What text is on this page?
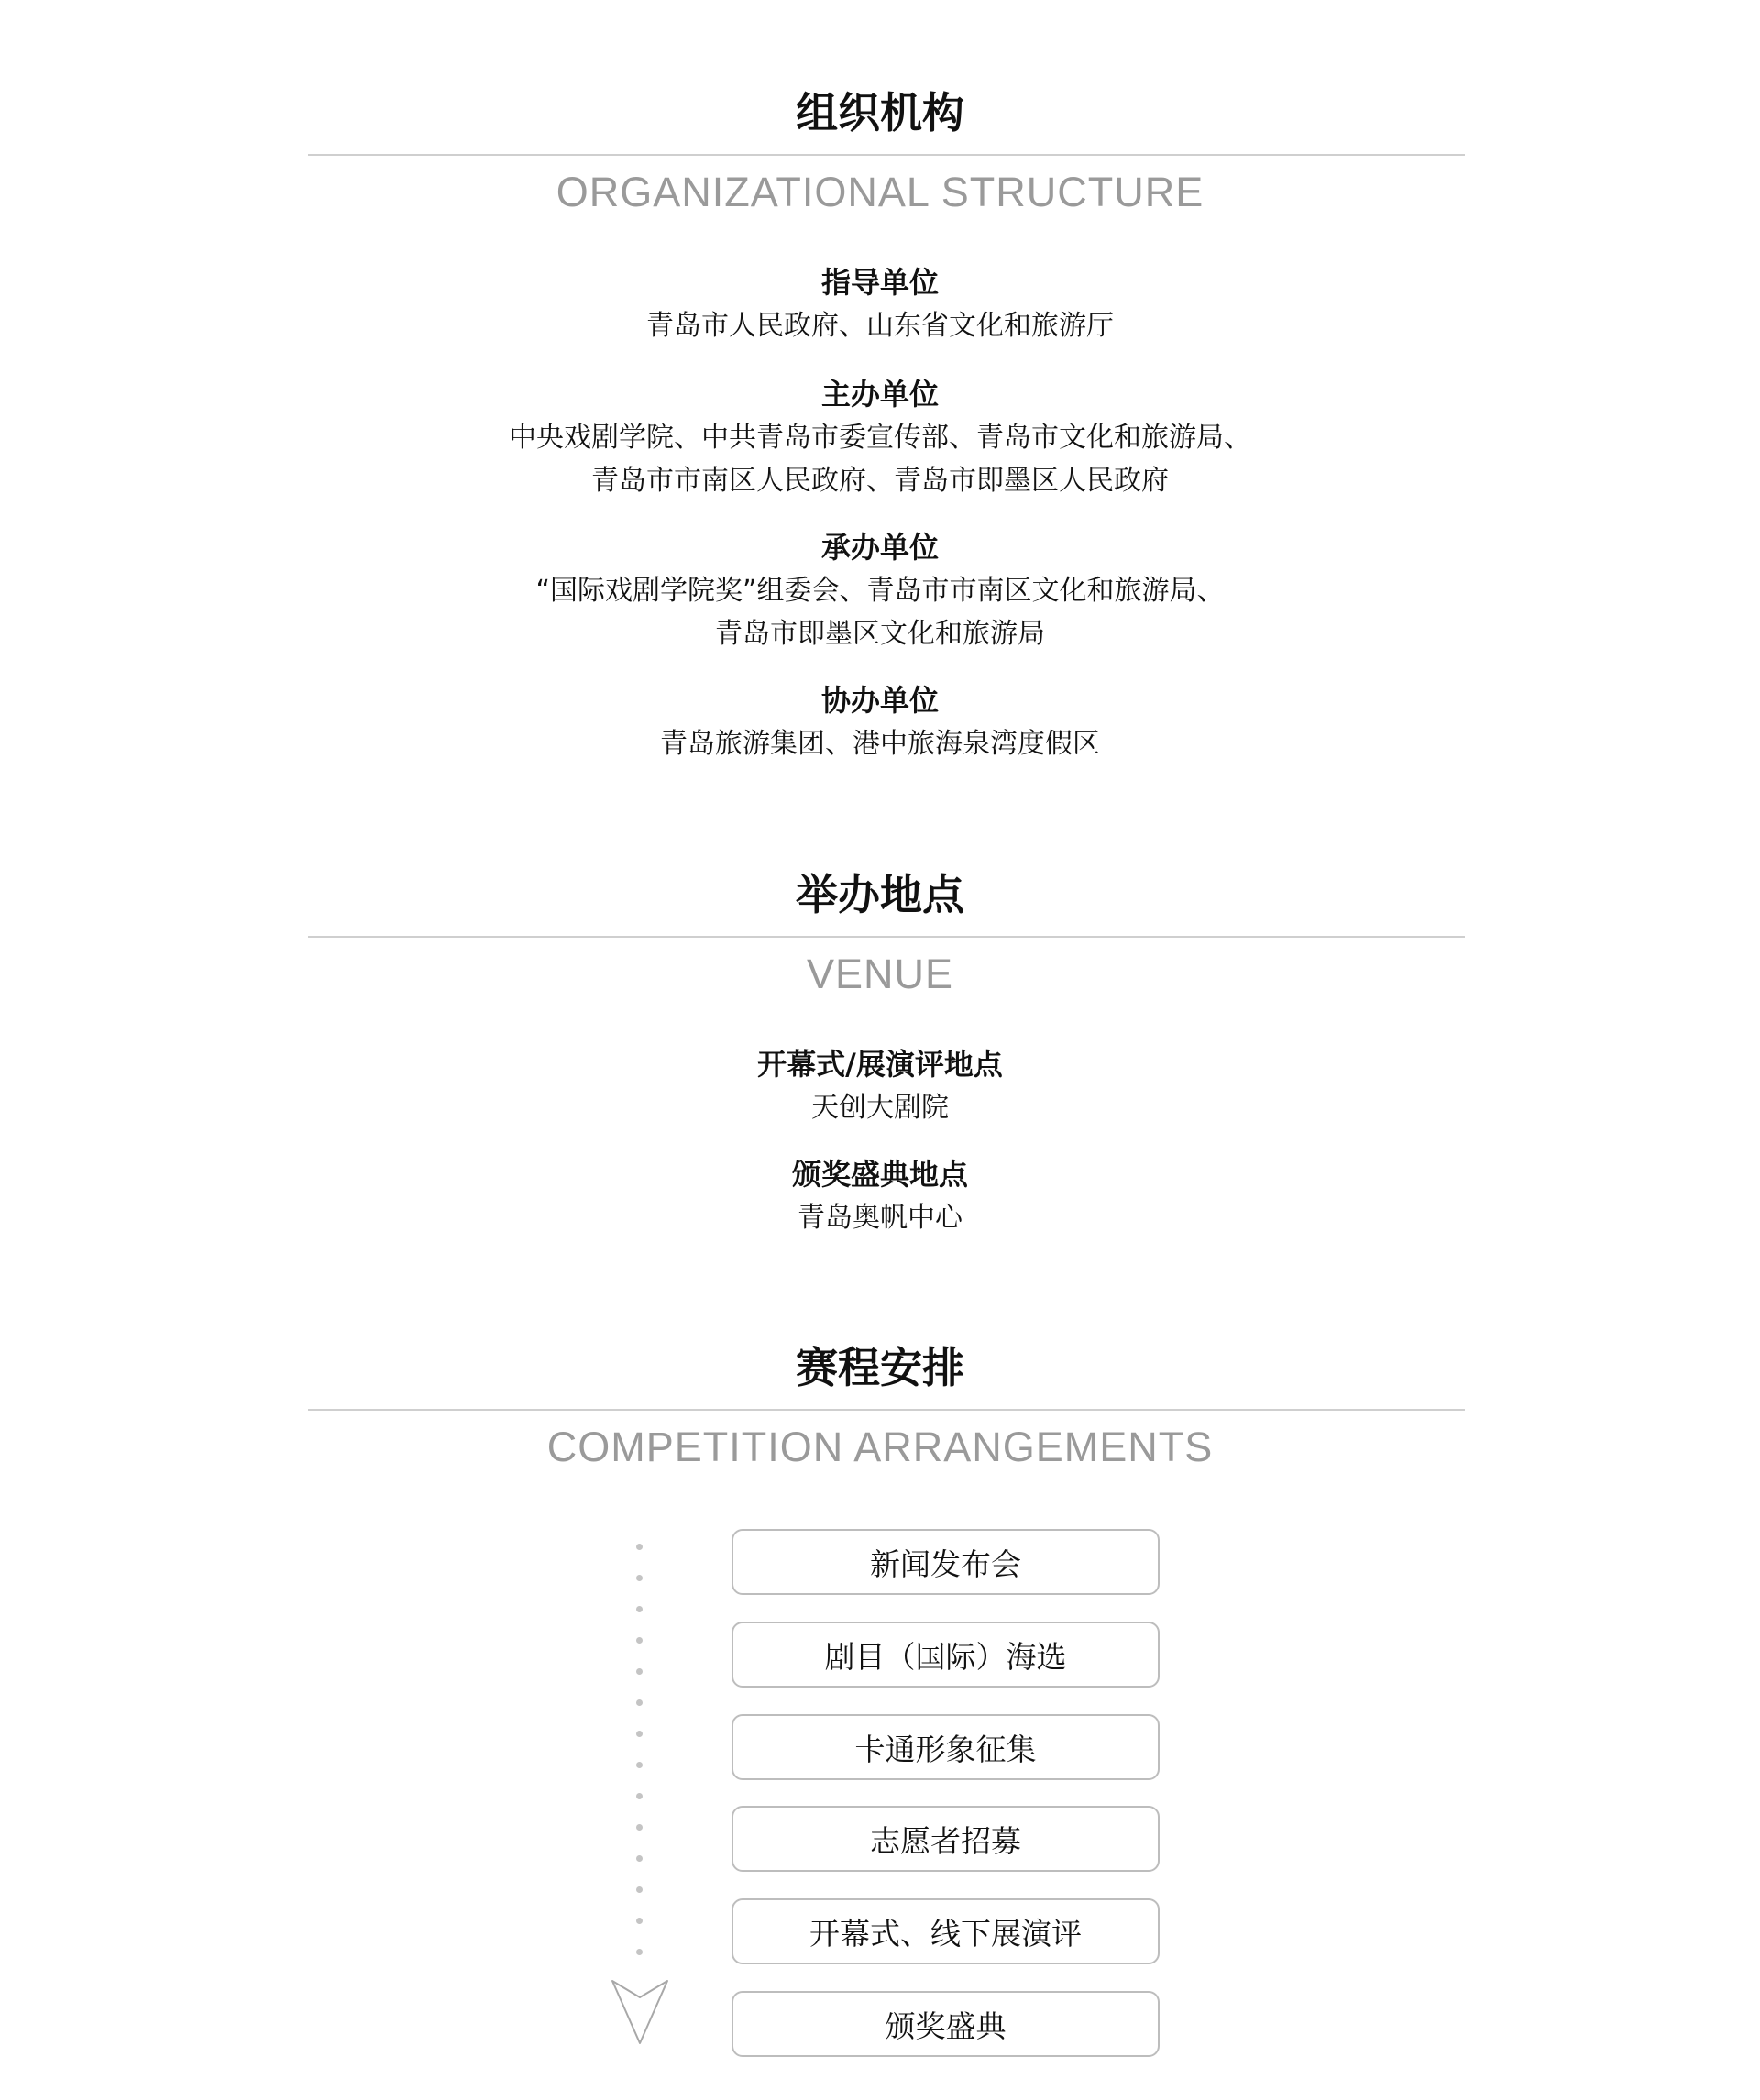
组织机构
ORGANIZATIONAL STRUCTURE
指导单位
青岛市人民政府、山东省文化和旅游厅
主办单位
中央戏剧学院、中共青岛市委宣传部、青岛市文化和旅游局、
青岛市市南区人民政府、青岛市即墨区人民政府
承办单位
“国际戏剧学院奖”组委会、青岛市市南区文化和旅游局、
青岛市即墨区文化和旅游局
协办单位
青岛旅游集团、港中旅海泉湾度假区
举办地点
VENUE
开幕式/展演评地点
天创大剧院
颁奖盛典地点
青岛奥帆中心
赛程安排
COMPETITION ARRANGEMENTS
新闻发布会
剧目（国际）海选
卡通形象征集
志愿者招募
开幕式、线下展演评
颁奖盛典
